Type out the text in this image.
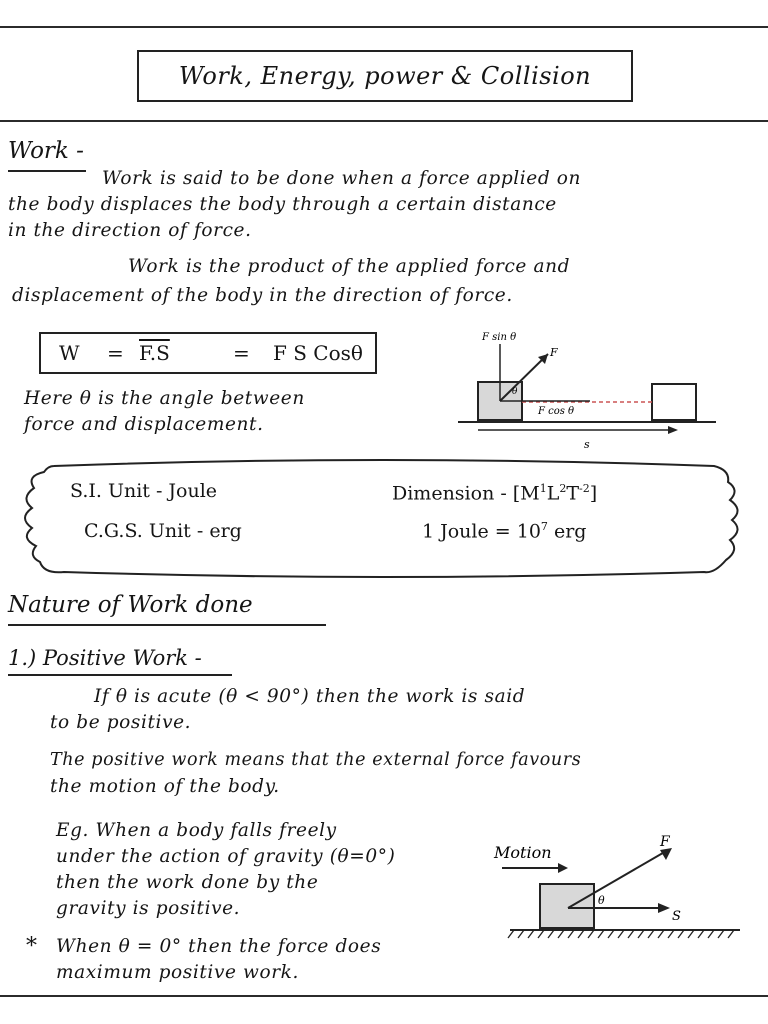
Work, Energy, power & Collision
Work -
Work is said to be done when a force applied on
the body displaces the body through a certain distance
in the direction of force.
Work is the product of the applied force and
displacement of the body in the direction of force.
W = F.S	= F S Cosθ
Here θ is the angle between
force and displacement.
F sin θ
F
θ
F cos θ
s
S.I. Unit - Joule
C.G.S. Unit - erg
Dimension - $[M^1L^2T^{-2}]$
1 Joule = $10^7$ erg
Nature of Work done
1.) Positive Work -
If θ is acute (θ < 90°) then the work is said
to be positive.
The positive work means that the external force favours
the motion of the body.
Eg. When a body falls freely
under the action of gravity (θ=0°)
then the work done by the
gravity is positive.
* When θ = 0° then the force does
maximum positive work.
Motion
F
θ
S
